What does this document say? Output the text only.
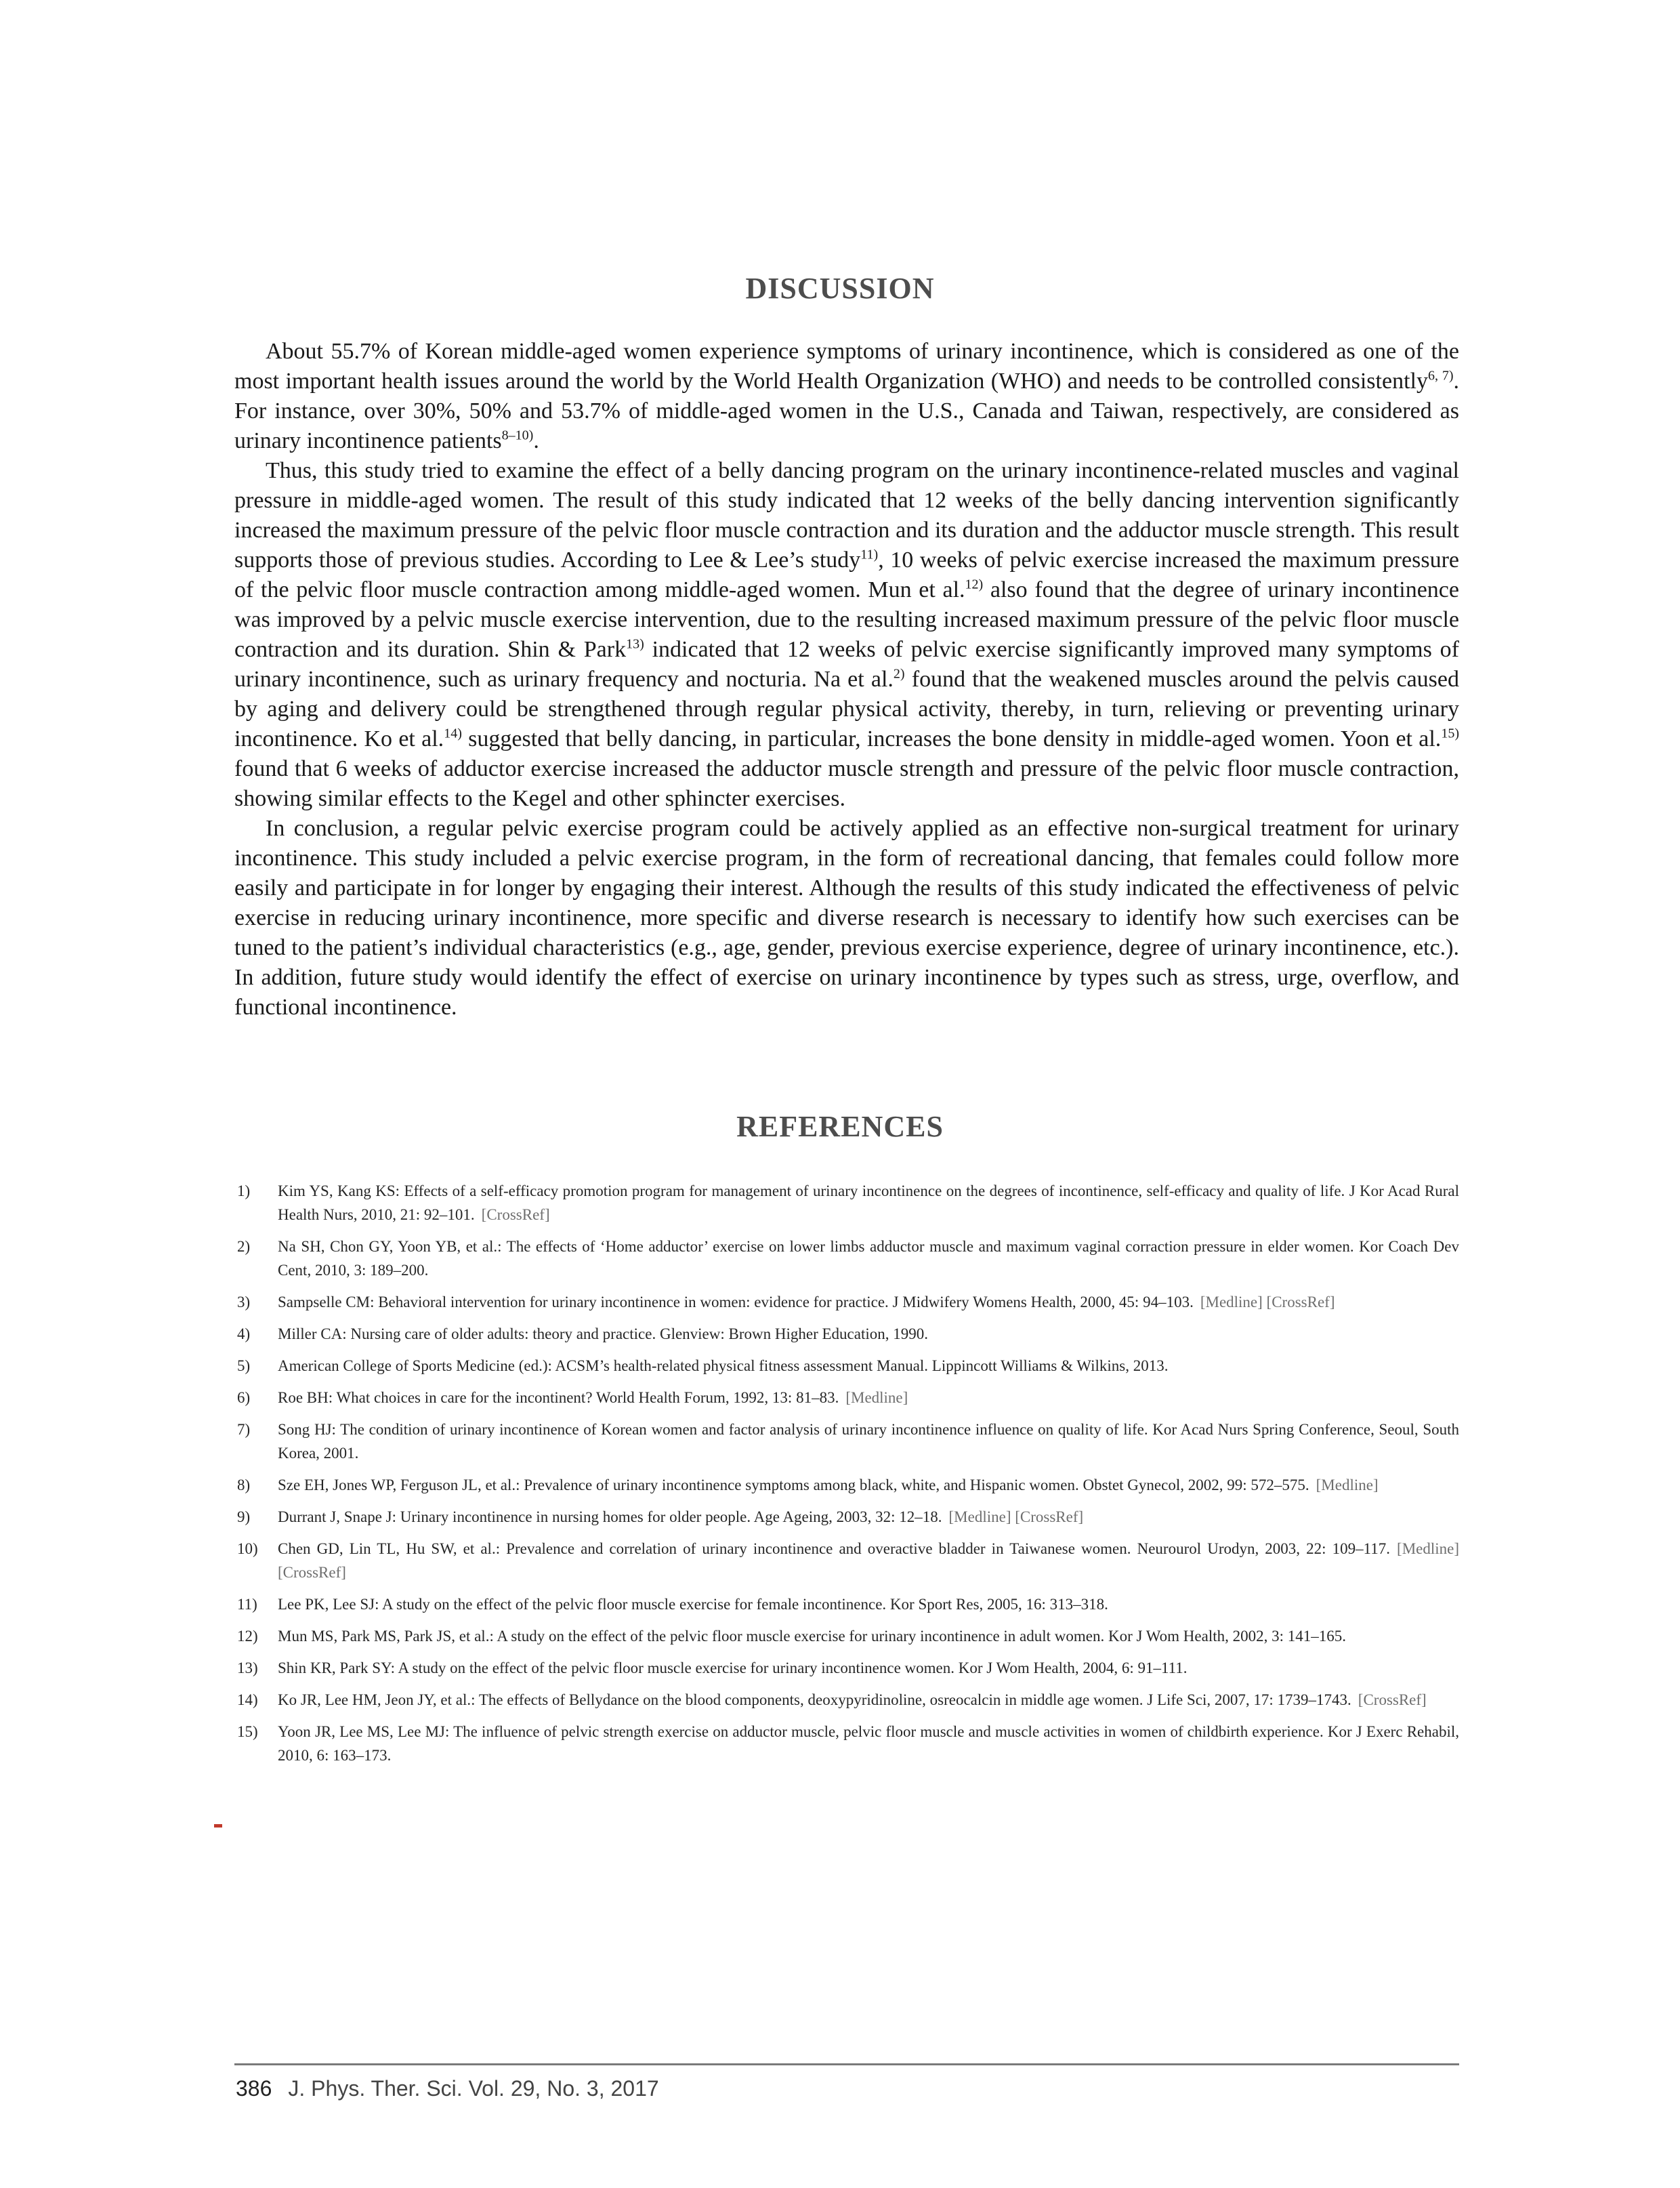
DISCUSSION

About 55.7% of Korean middle-aged women experience symptoms of urinary incontinence, which is considered as one of the most important health issues around the world by the World Health Organization (WHO) and needs to be controlled consistently$^{6, 7)}$. For instance, over 30%, 50% and 53.7% of middle-aged women in the U.S., Canada and Taiwan, respectively, are considered as urinary incontinence patients$^{8-10)}$.

Thus, this study tried to examine the effect of a belly dancing program on the urinary incontinence-related muscles and vaginal pressure in middle-aged women. The result of this study indicated that 12 weeks of the belly dancing intervention significantly increased the maximum pressure of the pelvic floor muscle contraction and its duration and the adductor muscle strength. This result supports those of previous studies. According to Lee & Lee’s study$^{11)}$, 10 weeks of pelvic exercise increased the maximum pressure of the pelvic floor muscle contraction among middle-aged women. Mun et al.$^{12)}$ also found that the degree of urinary incontinence was improved by a pelvic muscle exercise intervention, due to the resulting increased maximum pressure of the pelvic floor muscle contraction and its duration. Shin & Park$^{13)}$ indicated that 12 weeks of pelvic exercise significantly improved many symptoms of urinary incontinence, such as urinary frequency and nocturia. Na et al.$^{2)}$ found that the weakened muscles around the pelvis caused by aging and delivery could be strengthened through regular physical activity, thereby, in turn, relieving or preventing urinary incontinence. Ko et al.$^{14)}$ suggested that belly dancing, in particular, increases the bone density in middle-aged women. Yoon et al.$^{15)}$ found that 6 weeks of adductor exercise increased the adductor muscle strength and pressure of the pelvic floor muscle contraction, showing similar effects to the Kegel and other sphincter exercises.

In conclusion, a regular pelvic exercise program could be actively applied as an effective non-surgical treatment for urinary incontinence. This study included a pelvic exercise program, in the form of recreational dancing, that females could follow more easily and participate in for longer by engaging their interest. Although the results of this study indicated the effectiveness of pelvic exercise in reducing urinary incontinence, more specific and diverse research is necessary to identify how such exercises can be tuned to the patient’s individual characteristics (e.g., age, gender, previous exercise experience, degree of urinary incontinence, etc.). In addition, future study would identify the effect of exercise on urinary incontinence by types such as stress, urge, overflow, and functional incontinence.

REFERENCES
1)	Kim YS, Kang KS: Effects of a self-efficacy promotion program for management of urinary incontinence on the degrees of incontinence, self-efficacy and quality of life. J Kor Acad Rural Health Nurs, 2010, 21: 92–101. [CrossRef]
2)	Na SH, Chon GY, Yoon YB, et al.: The effects of ‘Home adductor’ exercise on lower limbs adductor muscle and maximum vaginal corraction pressure in elder women. Kor Coach Dev Cent, 2010, 3: 189–200.
3)	Sampselle CM: Behavioral intervention for urinary incontinence in women: evidence for practice. J Midwifery Womens Health, 2000, 45: 94–103. [Medline] [CrossRef]
4)	Miller CA: Nursing care of older adults: theory and practice. Glenview: Brown Higher Education, 1990.
5)	American College of Sports Medicine (ed.): ACSM’s health-related physical fitness assessment Manual. Lippincott Williams & Wilkins, 2013.
6)	Roe BH: What choices in care for the incontinent? World Health Forum, 1992, 13: 81–83. [Medline]
7)	Song HJ: The condition of urinary incontinence of Korean women and factor analysis of urinary incontinence influence on quality of life. Kor Acad Nurs Spring Conference, Seoul, South Korea, 2001.
8)	Sze EH, Jones WP, Ferguson JL, et al.: Prevalence of urinary incontinence symptoms among black, white, and Hispanic women. Obstet Gynecol, 2002, 99: 572–575. [Medline]
9)	Durrant J, Snape J: Urinary incontinence in nursing homes for older people. Age Ageing, 2003, 32: 12–18. [Medline] [CrossRef]
10)	Chen GD, Lin TL, Hu SW, et al.: Prevalence and correlation of urinary incontinence and overactive bladder in Taiwanese women. Neurourol Urodyn, 2003, 22: 109–117. [Medline] [CrossRef]
11)	Lee PK, Lee SJ: A study on the effect of the pelvic floor muscle exercise for female incontinence. Kor Sport Res, 2005, 16: 313–318.
12)	Mun MS, Park MS, Park JS, et al.: A study on the effect of the pelvic floor muscle exercise for urinary incontinence in adult women. Kor J Wom Health, 2002, 3: 141–165.
13)	Shin KR, Park SY: A study on the effect of the pelvic floor muscle exercise for urinary incontinence women. Kor J Wom Health, 2004, 6: 91–111.
14)	Ko JR, Lee HM, Jeon JY, et al.: The effects of Bellydance on the blood components, deoxypyridinoline, osreocalcin in middle age women. J Life Sci, 2007, 17: 1739–1743. [CrossRef]
15)	Yoon JR, Lee MS, Lee MJ: The influence of pelvic strength exercise on adductor muscle, pelvic floor muscle and muscle activities in women of childbirth experience. Kor J Exerc Rehabil, 2010, 6: 163–173.
386 J. Phys. Ther. Sci. Vol. 29, No. 3, 2017
